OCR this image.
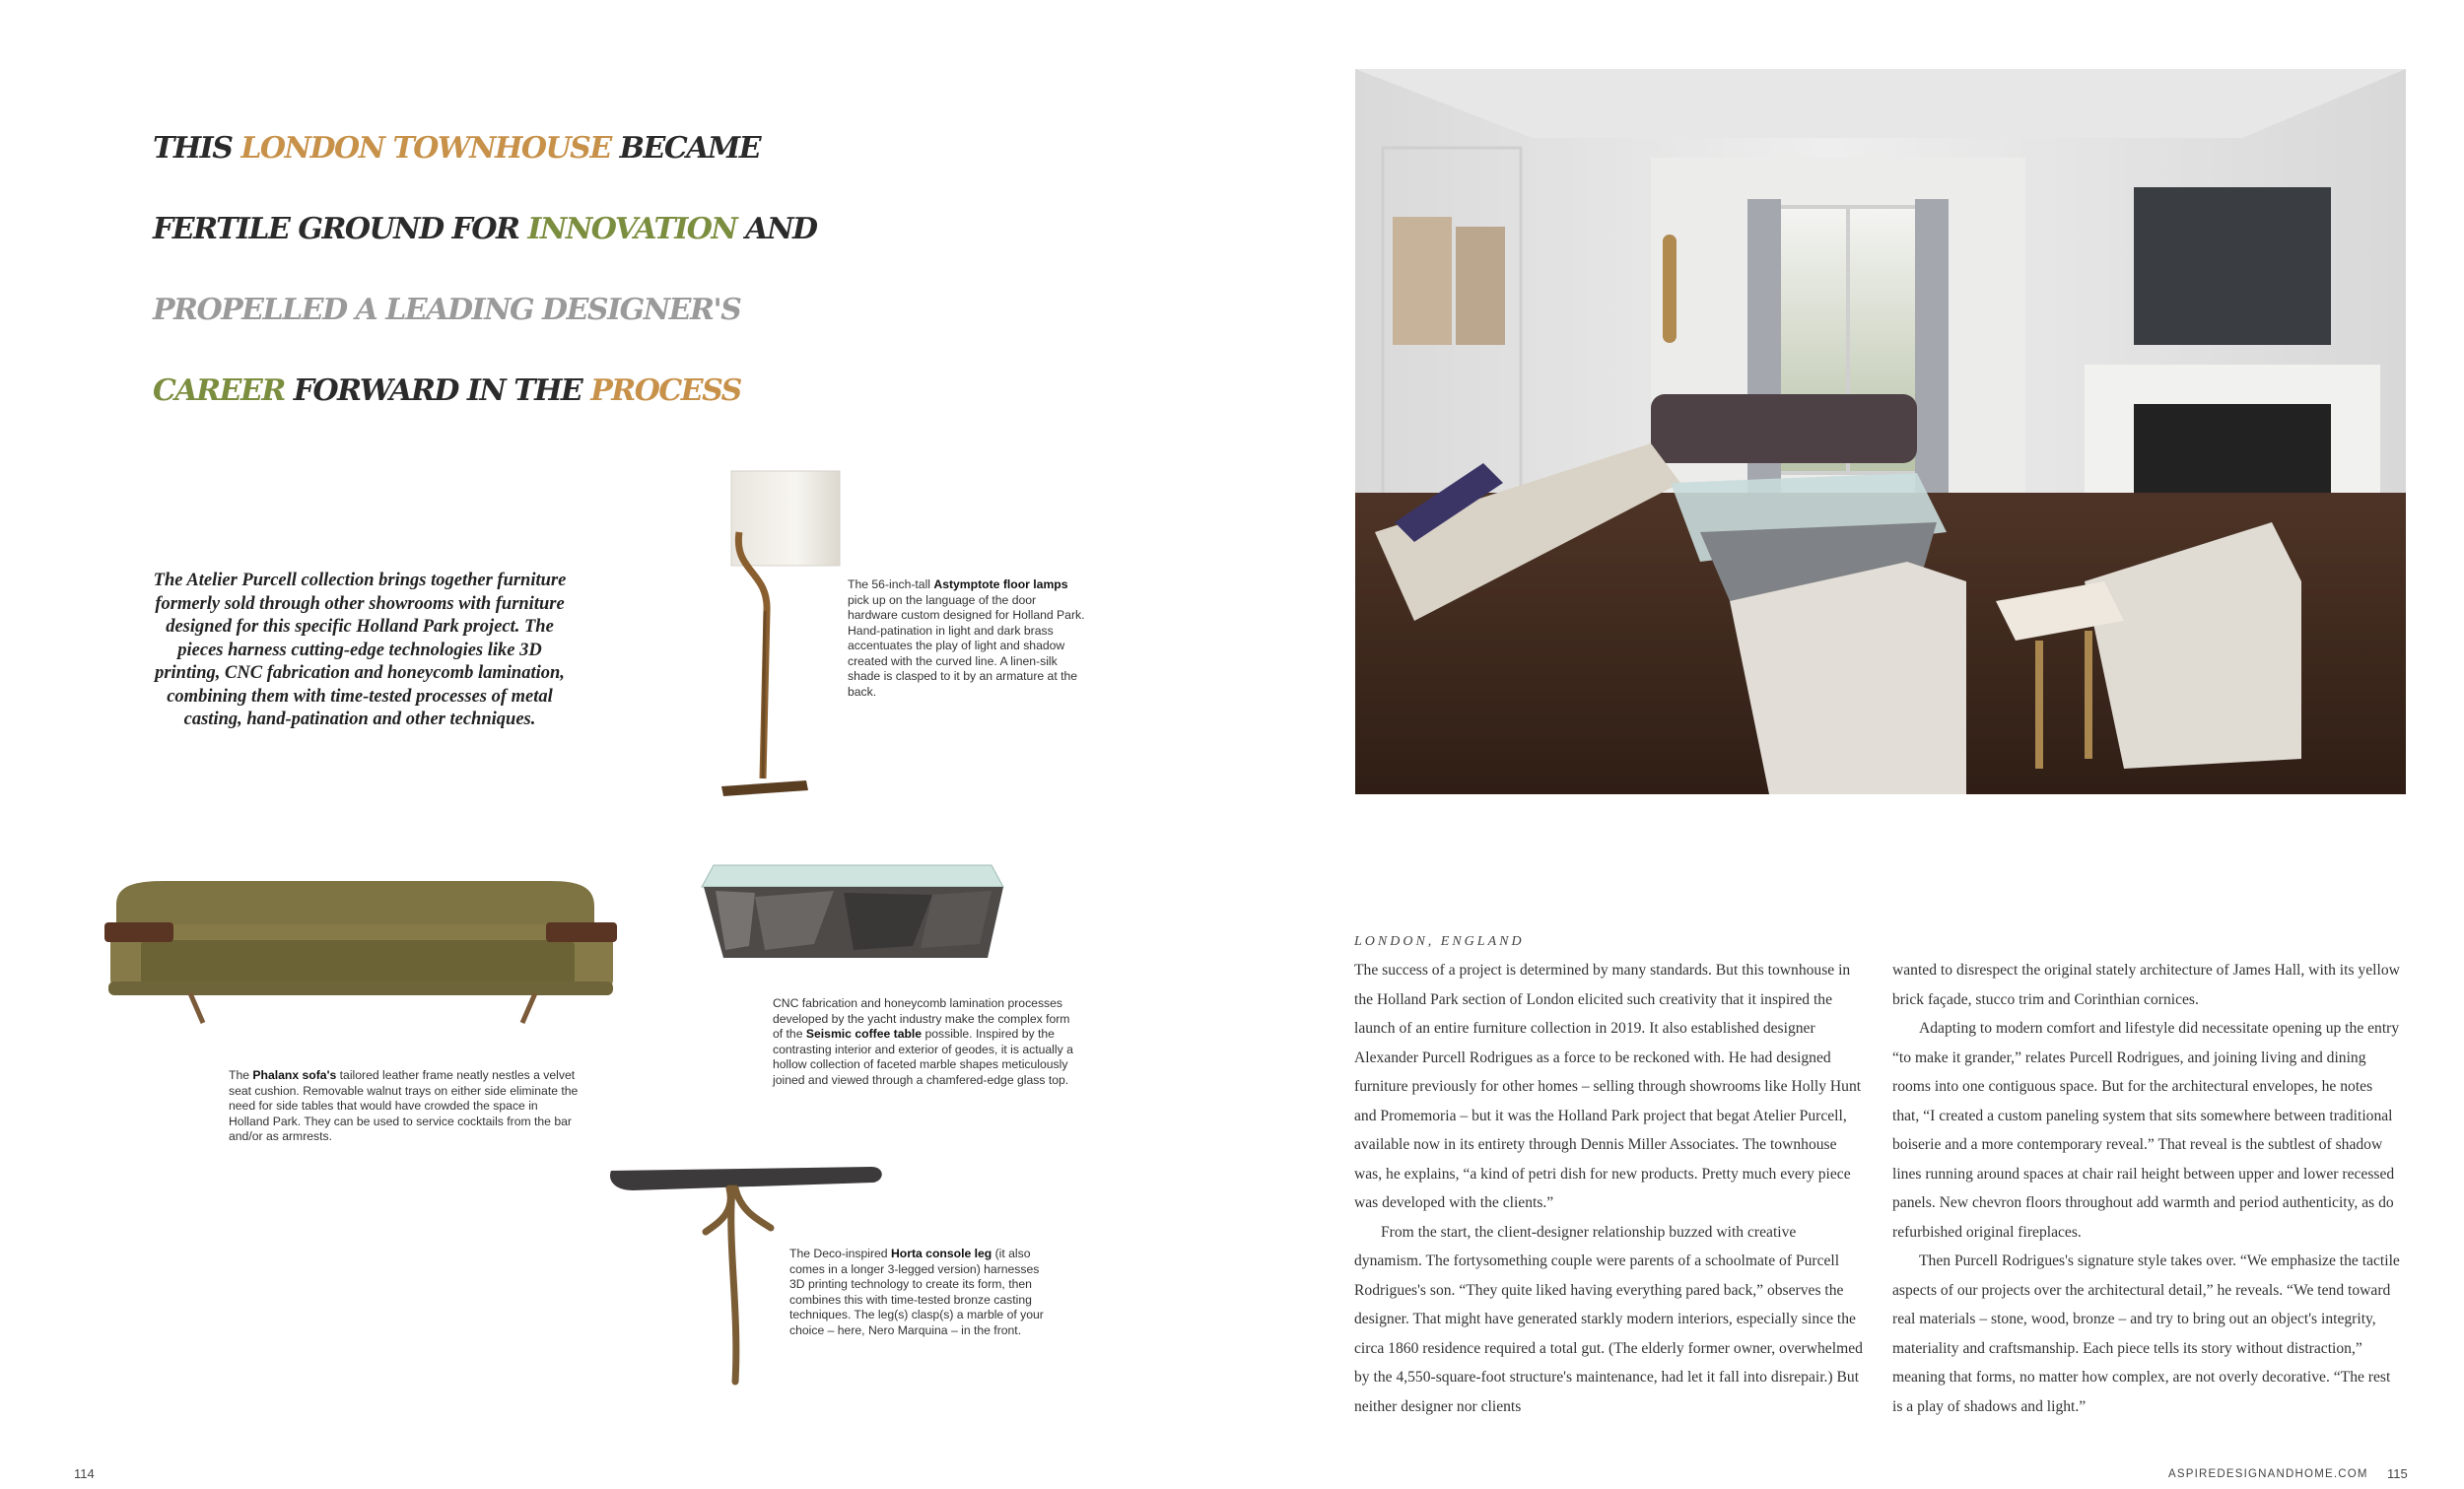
THIS LONDON TOWNHOUSE BECAME
FERTILE GROUND FOR INNOVATION AND
PROPELLED A LEADING DESIGNER'S
CAREER FORWARD IN THE PROCESS
The Atelier Purcell collection brings together furniture formerly sold through other showrooms with furniture designed for this specific Holland Park project. The pieces harness cutting-edge technologies like 3D printing, CNC fabrication and honeycomb lamination, combining them with time-tested processes of metal casting, hand-patination and other techniques.
The 56-inch-tall Astymptote floor lamps pick up on the language of the door hardware custom designed for Holland Park. Hand-patination in light and dark brass accentuates the play of light and shadow created with the curved line. A linen-silk shade is clasped to it by an armature at the back.
The Phalanx sofa's tailored leather frame neatly nestles a velvet seat cushion. Removable walnut trays on either side eliminate the need for side tables that would have crowded the space in Holland Park. They can be used to service cocktails from the bar and/or as armrests.
CNC fabrication and honeycomb lamination processes developed by the yacht industry make the complex form of the Seismic coffee table possible. Inspired by the contrasting interior and exterior of geodes, it is actually a hollow collection of faceted marble shapes meticulously joined and viewed through a chamfered-edge glass top.
The Deco-inspired Horta console leg (it also comes in a longer 3-legged version) harnesses 3D printing technology to create its form, then combines this with time-tested bronze casting techniques. The leg(s) clasp(s) a marble of your choice – here, Nero Marquina – in the front.
114
LONDON, ENGLAND

The success of a project is determined by many standards. But this townhouse in the Holland Park section of London elicited such creativity that it inspired the launch of an entire furniture collection in 2019. It also established designer Alexander Purcell Rodrigues as a force to be reckoned with. He had designed furniture previously for other homes – selling through showrooms like Holly Hunt and Promemoria – but it was the Holland Park project that begat Atelier Purcell, available now in its entirety through Dennis Miller Associates. The townhouse was, he explains, “a kind of petri dish for new products. Pretty much every piece was developed with the clients.”

From the start, the client-designer relationship buzzed with creative dynamism. The fortysomething couple were parents of a schoolmate of Purcell Rodrigues's son. “They quite liked having everything pared back,” observes the designer. That might have generated starkly modern interiors, especially since the circa 1860 residence required a total gut. (The elderly former owner, overwhelmed by the 4,550-square-foot structure's maintenance, had let it fall into disrepair.) But neither designer nor clients

wanted to disrespect the original stately architecture of James Hall, with its yellow brick façade, stucco trim and Corinthian cornices.

Adapting to modern comfort and lifestyle did necessitate opening up the entry “to make it grander,” relates Purcell Rodrigues, and joining living and dining rooms into one contiguous space. But for the architectural envelopes, he notes that, “I created a custom paneling system that sits somewhere between traditional boiserie and a more contemporary reveal.” That reveal is the subtlest of shadow lines running around spaces at chair rail height between upper and lower recessed panels. New chevron floors throughout add warmth and period authenticity, as do refurbished original fireplaces.

Then Purcell Rodrigues's signature style takes over. “We emphasize the tactile aspects of our projects over the architectural detail,” he reveals. “We tend toward real materials – stone, wood, bronze – and try to bring out an object's integrity, materiality and craftsmanship. Each piece tells its story without distraction,” meaning that forms, no matter how complex, are not overly decorative. “The rest is a play of shadows and light.”

ASPIREDESIGNANDHOME.COM 115
